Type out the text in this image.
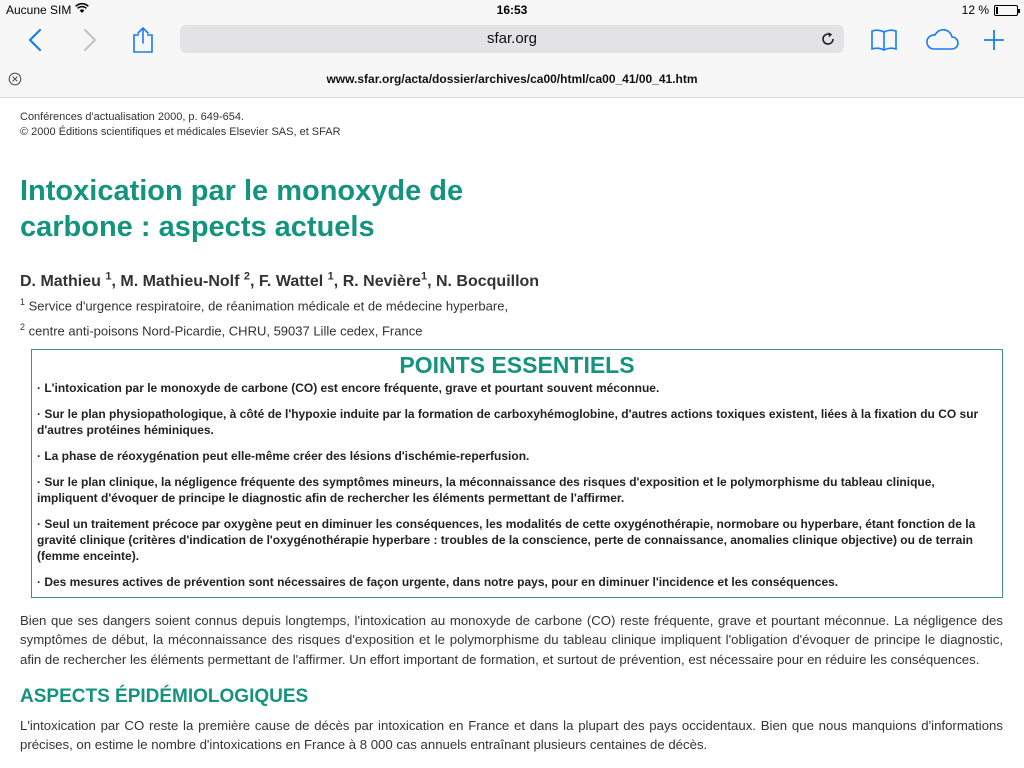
Aucune SIM	16:53	12 %
sfar.org
www.sfar.org/acta/dossier/archives/ca00/html/ca00_41/00_41.htm
Conférences d'actualisation 2000, p. 649-654.
© 2000 Éditions scientifiques et médicales Elsevier SAS, et SFAR
Intoxication par le monoxyde de carbone : aspects actuels
D. Mathieu $^1$, M. Mathieu-Nolf $^2$, F. Wattel $^1$, R. Nevière$^1$, N. Bocquillon
$^1$ Service d'urgence respiratoire, de réanimation médicale et de médecine hyperbare,
$^2$ centre anti-poisons Nord-Picardie, CHRU, 59037 Lille cedex, France
POINTS ESSENTIELS
· L'intoxication par le monoxyde de carbone (CO) est encore fréquente, grave et pourtant souvent méconnue.
· Sur le plan physiopathologique, à côté de l'hypoxie induite par la formation de carboxyhémoglobine, d'autres actions toxiques existent, liées à la fixation du CO sur d'autres protéines héminiques.
· La phase de réoxygénation peut elle-même créer des lésions d'ischémie-reperfusion.
· Sur le plan clinique, la négligence fréquente des symptômes mineurs, la méconnaissance des risques d'exposition et le polymorphisme du tableau clinique, impliquent d'évoquer de principe le diagnostic afin de rechercher les éléments permettant de l'affirmer.
· Seul un traitement précoce par oxygène peut en diminuer les conséquences, les modalités de cette oxygénothérapie, normobare ou hyperbare, étant fonction de la gravité clinique (critères d'indication de l'oxygénothérapie hyperbare : troubles de la conscience, perte de connaissance, anomalies clinique objective) ou de terrain (femme enceinte).
· Des mesures actives de prévention sont nécessaires de façon urgente, dans notre pays, pour en diminuer l'incidence et les conséquences.
Bien que ses dangers soient connus depuis longtemps, l'intoxication au monoxyde de carbone (CO) reste fréquente, grave et pourtant méconnue. La négligence des symptômes de début, la méconnaissance des risques d'exposition et le polymorphisme du tableau clinique impliquent l'obligation d'évoquer de principe le diagnostic, afin de rechercher les éléments permettant de l'affirmer. Un effort important de formation, et surtout de prévention, est nécessaire pour en réduire les conséquences.
ASPECTS ÉPIDÉMIOLOGIQUES
L'intoxication par CO reste la première cause de décès par intoxication en France et dans la plupart des pays occidentaux. Bien que nous manquions d'informations précises, on estime le nombre d'intoxications en France à 8 000 cas annuels entraînant plusieurs centaines de décès.
